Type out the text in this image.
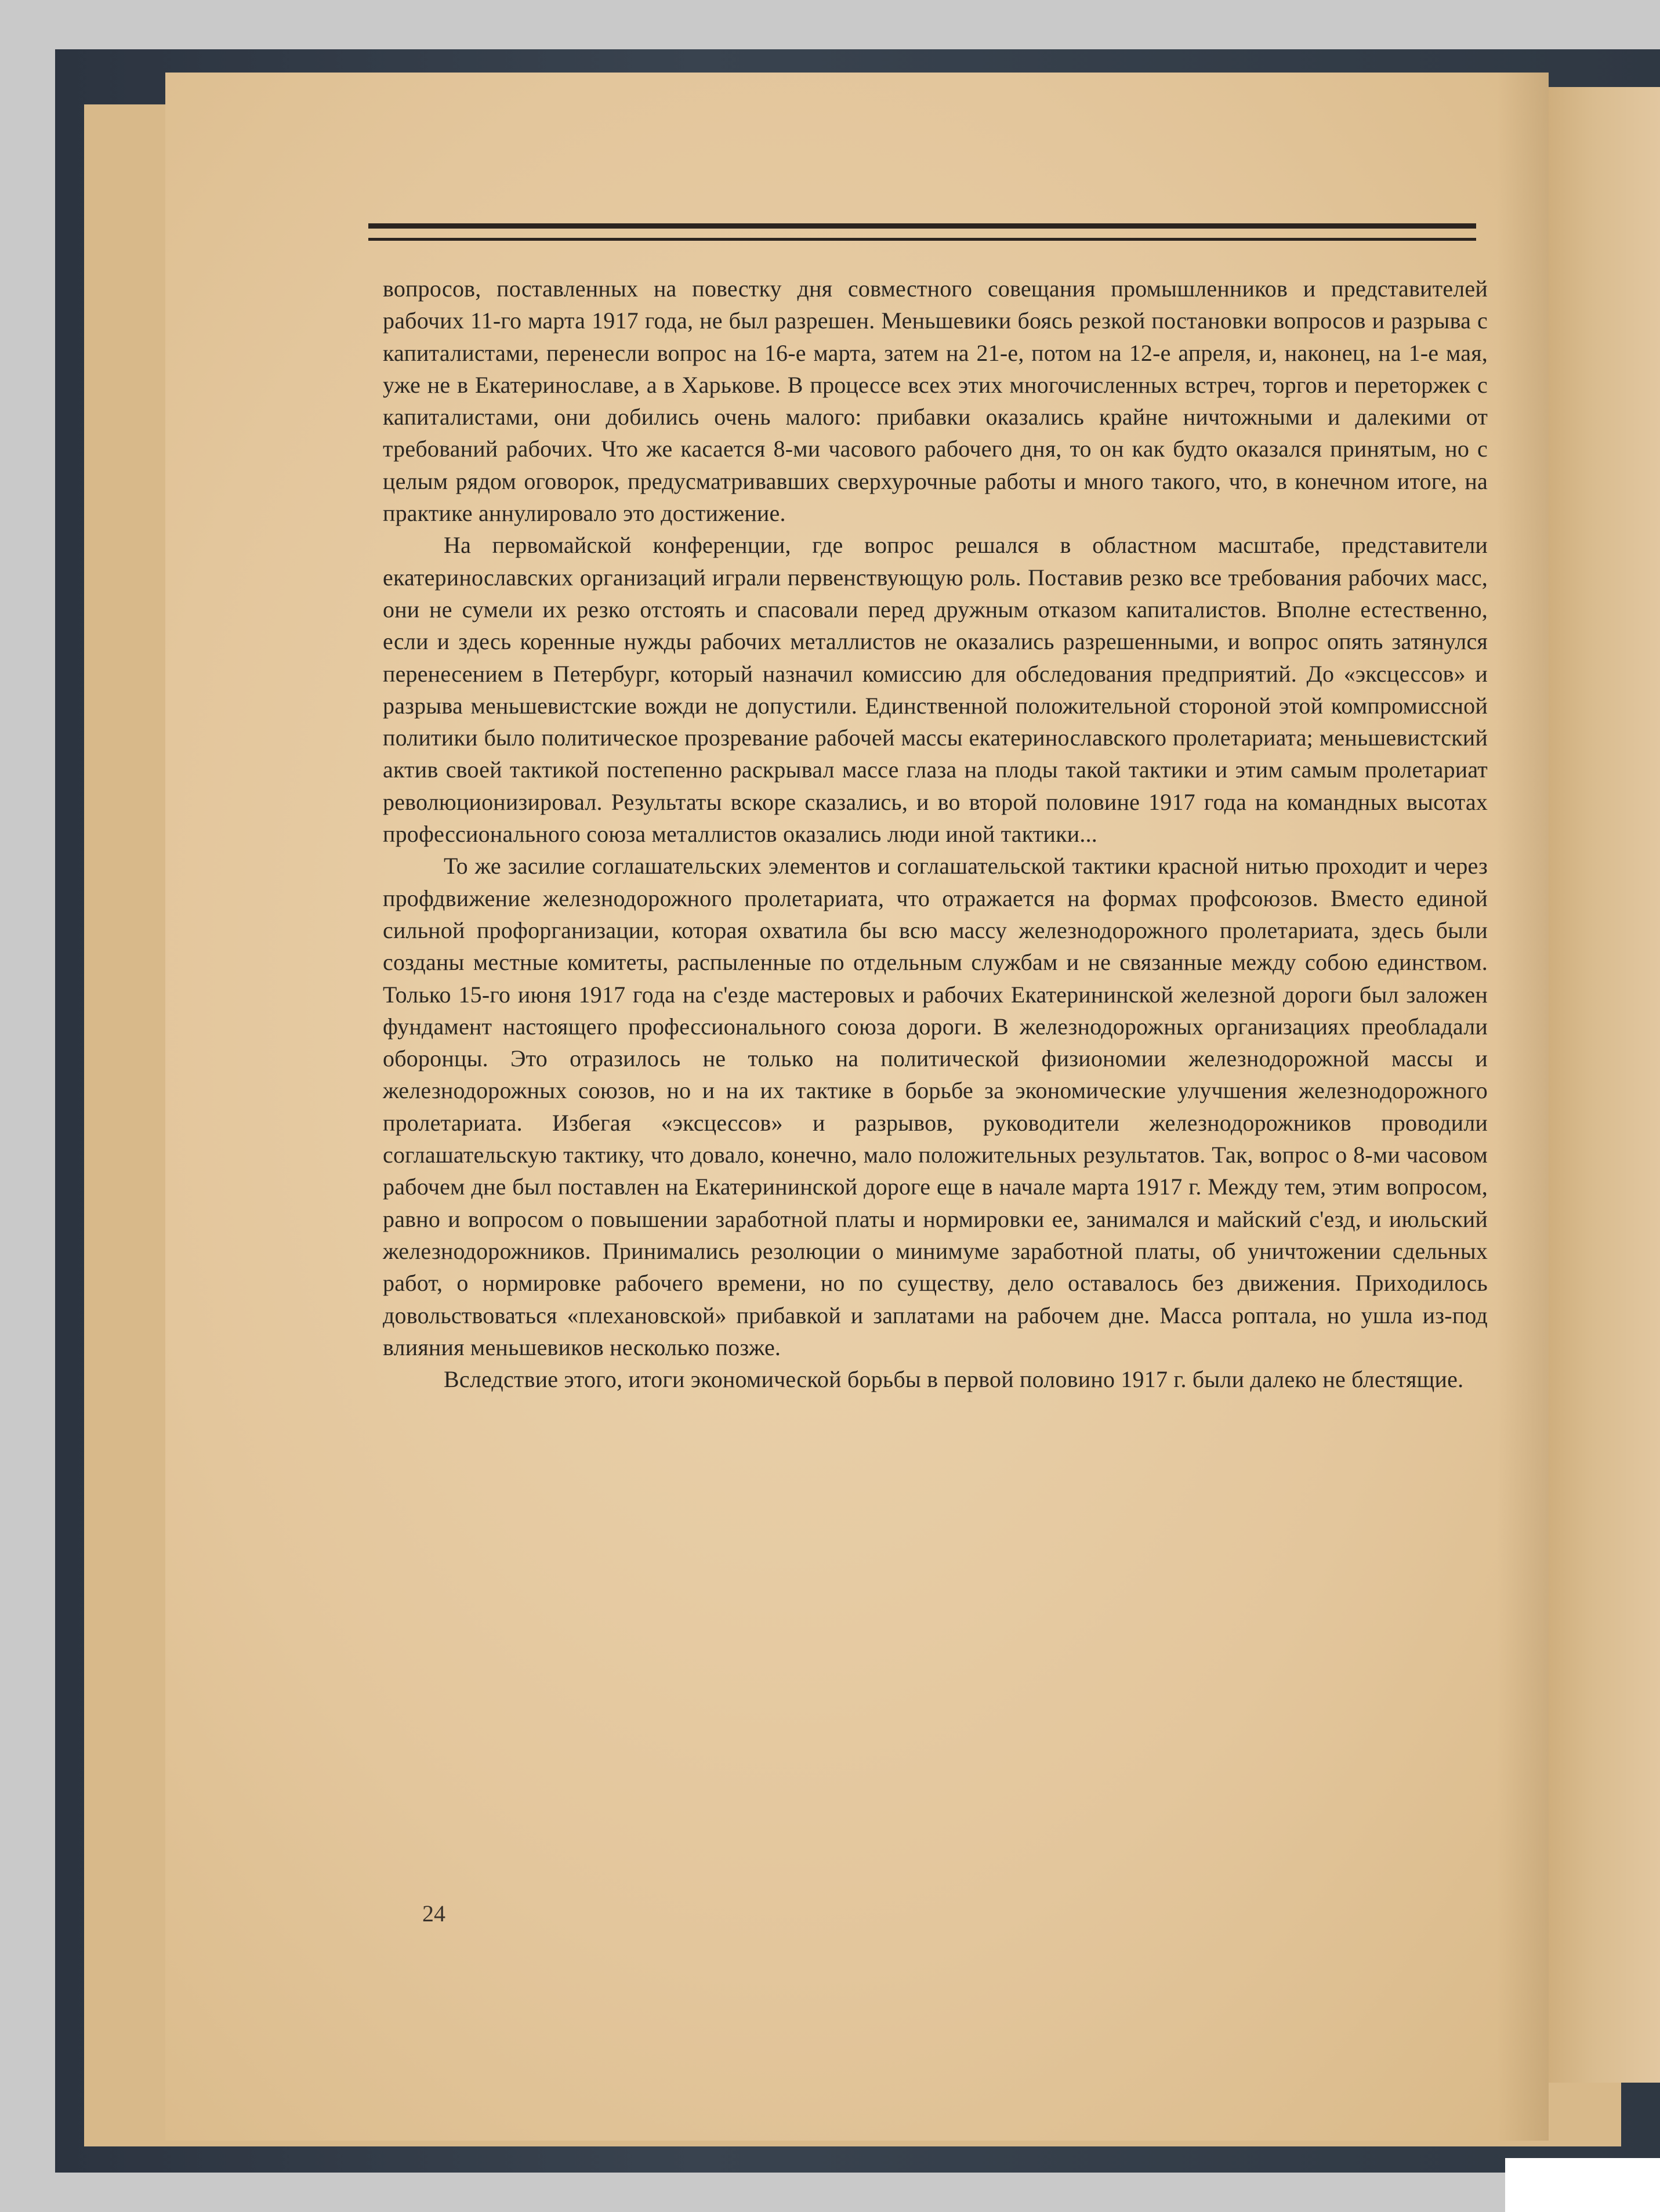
вопросов, поставленных на повестку дня совместного совещания промышленников и представителей рабочих 11-го марта 1917 года, не был разрешен. Меньшевики боясь резкой постановки вопросов и разрыва с капиталистами, перенесли вопрос на 16-е марта, затем на 21-е, потом на 12-е апреля, и, наконец, на 1-е мая, уже не в Екатеринославе, а в Харькове. В процессе всех этих многочисленных встреч, торгов и переторжек с капиталистами, они добились очень малого: прибавки оказались крайне ничтожными и далекими от требований рабочих. Что же касается 8-ми часового рабочего дня, то он как будто оказался принятым, но с целым рядом оговорок, предусматривавших сверхурочные работы и много такого, что, в конечном итоге, на практике аннулировало это достижение.

На первомайской конференции, где вопрос решался в областном масштабе, представители екатеринославских организаций играли первенствующую роль. Поставив резко все требования рабочих масс, они не сумели их резко отстоять и спасовали перед дружным отказом капиталистов. Вполне естественно, если и здесь коренные нужды рабочих металлистов не оказались разрешенными, и вопрос опять затянулся перенесением в Петербург, который назначил комиссию для обследования предприятий. До «эксцессов» и разрыва меньшевистские вожди не допустили. Единственной положительной стороной этой компромиссной политики было политическое прозревание рабочей массы екатеринославского пролетариата; меньшевистский актив своей тактикой постепенно раскрывал массе глаза на плоды такой тактики и этим самым пролетариат революционизировал. Результаты вскоре сказались, и во второй половине 1917 года на командных высотах профессионального союза металлистов оказались люди иной тактики...

То же засилие соглашательских элементов и соглашательской тактики красной нитью проходит и через профдвижение железнодорожного пролетариата, что отражается на формах профсоюзов. Вместо единой сильной профорганизации, которая охватила бы всю массу железнодорожного пролетариата, здесь были созданы местные комитеты, распыленные по отдельным службам и не связанные между собою единством. Только 15-го июня 1917 года на с'езде мастеровых и рабочих Екатерининской железной дороги был заложен фундамент настоящего профессионального союза дороги. В железнодорожных организациях преобладали оборонцы. Это отразилось не только на политической физиономии железнодорожной массы и железнодорожных союзов, но и на их тактике в борьбе за экономические улучшения железнодорожного пролетариата. Избегая «эксцессов» и разрывов, руководители железнодорожников проводили соглашательскую тактику, что довало, конечно, мало положительных результатов. Так, вопрос о 8-ми часовом рабочем дне был поставлен на Екатерининской дороге еще в начале марта 1917 г. Между тем, этим вопросом, равно и вопросом о повышении заработной платы и нормировки ее, занимался и майский с'езд, и июльский железнодорожников. Принимались резолюции о минимуме заработной платы, об уничтожении сдельных работ, о нормировке рабочего времени, но по существу, дело оставалось без движения. Приходилось довольствоваться «плехановской» прибавкой и заплатами на рабочем дне. Масса роптала, но ушла из-под влияния меньшевиков несколько позже.

Вследствие этого, итоги экономической борьбы в первой половино 1917 г. были далеко не блестящие.

24
